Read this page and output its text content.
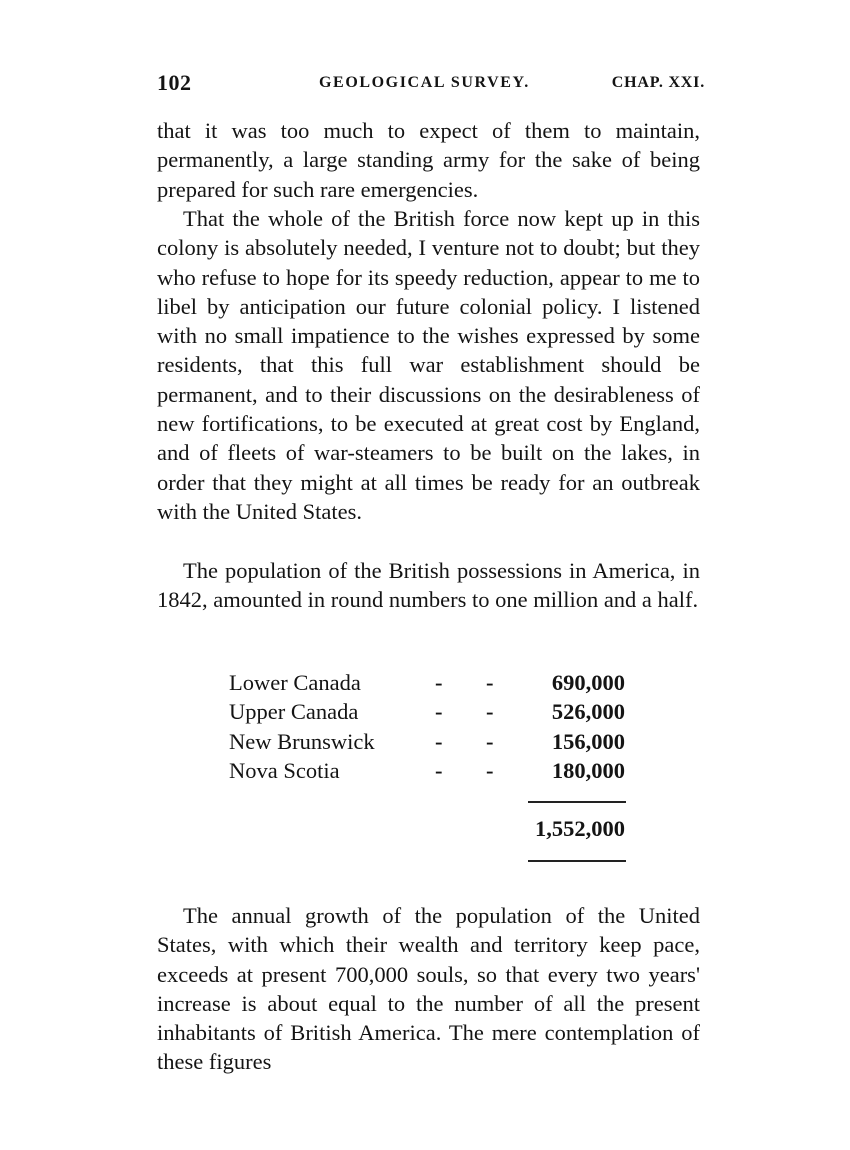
102	GEOLOGICAL SURVEY.	CHAP. XXI.

that it was too much to expect of them to maintain, permanently, a large standing army for the sake of being prepared for such rare emergencies.

That the whole of the British force now kept up in this colony is absolutely needed, I venture not to doubt; but they who refuse to hope for its speedy reduction, appear to me to libel by anticipation our future colonial policy. I listened with no small impatience to the wishes expressed by some residents, that this full war establishment should be permanent, and to their discussions on the desirableness of new fortifications, to be executed at great cost by England, and of fleets of war-steamers to be built on the lakes, in order that they might at all times be ready for an outbreak with the United States.

The population of the British possessions in America, in 1842, amounted in round numbers to one million and a half.

Lower Canada	- -	690,000
Upper Canada	- -	526,000
New Brunswick	- -	156,000
Nova Scotia	- -	180,000
1,552,000

The annual growth of the population of the United States, with which their wealth and territory keep pace, exceeds at present 700,000 souls, so that every two years' increase is about equal to the number of all the present inhabitants of British America. The mere contemplation of these figures
